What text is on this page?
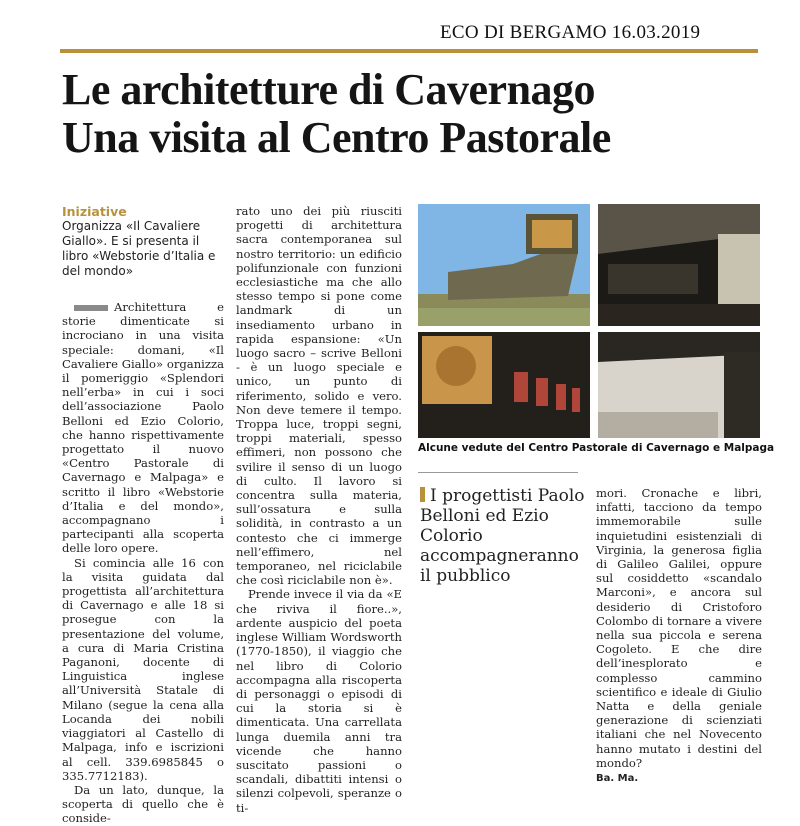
ECO DI BERGAMO 16.03.2019
Le architetture di Cavernago
Una visita al Centro Pastorale
Iniziative
Organizza «Il Cavaliere Giallo». E si presenta il libro «Webstorie d’Italia e del mondo»

Architettura e storie dimenticate si incrociano in una visita speciale: domani, «Il Cavaliere Giallo» organizza il pomeriggio «Splendori nell’erba» in cui i soci dell’associazione Paolo Belloni ed Ezio Colorio, che hanno rispettivamente progettato il nuovo «Centro Pastorale di Cavernago e Malpaga» e scritto il libro «Webstorie d’Italia e del mondo», accompagnano i partecipanti alla scoperta delle loro opere.

Si comincia alle 16 con la visita guidata dal progettista all’architettura di Cavernago e alle 18 si prosegue con la presentazione del volume, a cura di Maria Cristina Paganoni, docente di Linguistica inglese all’Università Statale di Milano (segue la cena alla Locanda dei nobili viaggiatori al Castello di Malpaga, info e iscrizioni al cell. 339.6985845 o 335.7712183).

Da un lato, dunque, la scoperta di quello che è conside-

rato uno dei più riusciti progetti di architettura sacra contemporanea sul nostro territorio: un edificio polifunzionale con funzioni ecclesiastiche ma che allo stesso tempo si pone come landmark di un insediamento urbano in rapida espansione: «Un luogo sacro – scrive Belloni - è un luogo speciale e unico, un punto di riferimento, solido e vero. Non deve temere il tempo. Troppa luce, troppi segni, troppi materiali, spesso effimeri, non possono che svilire il senso di un luogo di culto. Il lavoro si concentra sulla materia, sull’ossatura e sulla solidità, in contrasto a un contesto che ci immerge nell’effimero, nel temporaneo, nel riciclabile che così riciclabile non è».

Prende invece il via da «E che riviva il fiore..», ardente auspicio del poeta inglese William Wordsworth (1770-1850), il viaggio che nel libro di Colorio accompagna alla riscoperta di personaggi o episodi di cui la storia si è dimenticata. Una carrellata lunga duemila anni tra vicende che hanno suscitato passioni o scandali, dibattiti intensi o silenzi colpevoli, speranze o ti-

Alcune vedute del Centro Pastorale di Cavernago e Malpaga
I progettisti Paolo Belloni ed Ezio Colorio accompagneranno il pubblico

mori. Cronache e libri, infatti, tacciono da tempo immemorabile sulle inquietudini esistenziali di Virginia, la generosa figlia di Galileo Galilei, oppure sul cosiddetto «scandalo Marconi», e ancora sul desiderio di Cristoforo Colombo di tornare a vivere nella sua piccola e serena Cogoleto. E che dire dell’inesplorato e complesso cammino scientifico e ideale di Giulio Natta e della geniale generazione di scienziati italiani che nel Novecento hanno mutato i destini del mondo?

Ba. Ma.
